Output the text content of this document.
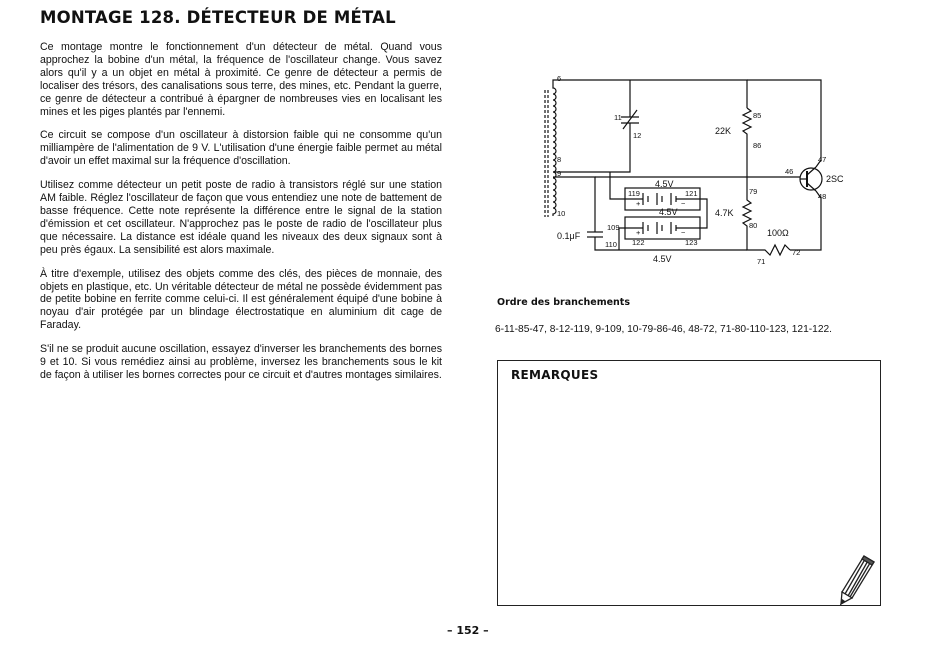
MONTAGE 128. DÉTECTEUR DE MÉTAL

Ce montage montre le fonctionnement d'un détecteur de métal. Quand vous approchez la bobine d'un métal, la fréquence de l'oscillateur change. Vous savez alors qu'il y a un objet en métal à proximité. Ce genre de détecteur a permis de localiser des trésors, des canalisations sous terre, des mines, etc. Pendant la guerre, ce genre de détecteur a contribué à épargner de nombreuses vies en localisant les mines et les piges plantés par l'ennemi.

Ce circuit se compose d'un oscillateur à distorsion faible qui ne consomme qu'un milliampère de l'alimentation de 9 V. L'utilisation d'une énergie faible permet au métal d'avoir un effet maximal sur la fréquence d'oscillation.

Utilisez comme détecteur un petit poste de radio à transistors réglé sur une station AM faible. Réglez l'oscillateur de façon que vous entendiez une note de battement de basse fréquence. Cette note représente la différence entre le signal de la station d'émission et cet oscillateur. N'approchez pas le poste de radio de l'oscillateur plus que nécessaire. La distance est idéale quand les niveaux des deux signaux sont à peu près égaux. La sensibilité est alors maximale.

À titre d'exemple, utilisez des objets comme des clés, des pièces de monnaie, des objets en plastique, etc. Un véritable détecteur de métal ne possède évidemment pas de petite bobine en ferrite comme celui-ci. Il est généralement équipé d'une bobine à noyau d'air protégée par un blindage électrostatique en aluminium dit cage de Faraday.

S'il ne se produit aucune oscillation, essayez d'inverser les branchements des bornes 9 et 10. Si vous remédiez ainsi au problème, inversez les branchements sous le kit de façon à utiliser les bornes correctes pour ce circuit et d'autres montages similaires.

6
8
9
10
11
12
85
86
79
80
47
46
48
71
72
109
110
119	121
122	123
+	−
+	−
22K
4.7K
100Ω
2SC
4.5V
4.5V
4.5V
0.1μF
Ordre des branchements

6-11-85-47, 8-12-119, 9-109, 10-79-86-46, 48-72, 71-80-110-123, 121-122.

REMARQUES

– 152 –
